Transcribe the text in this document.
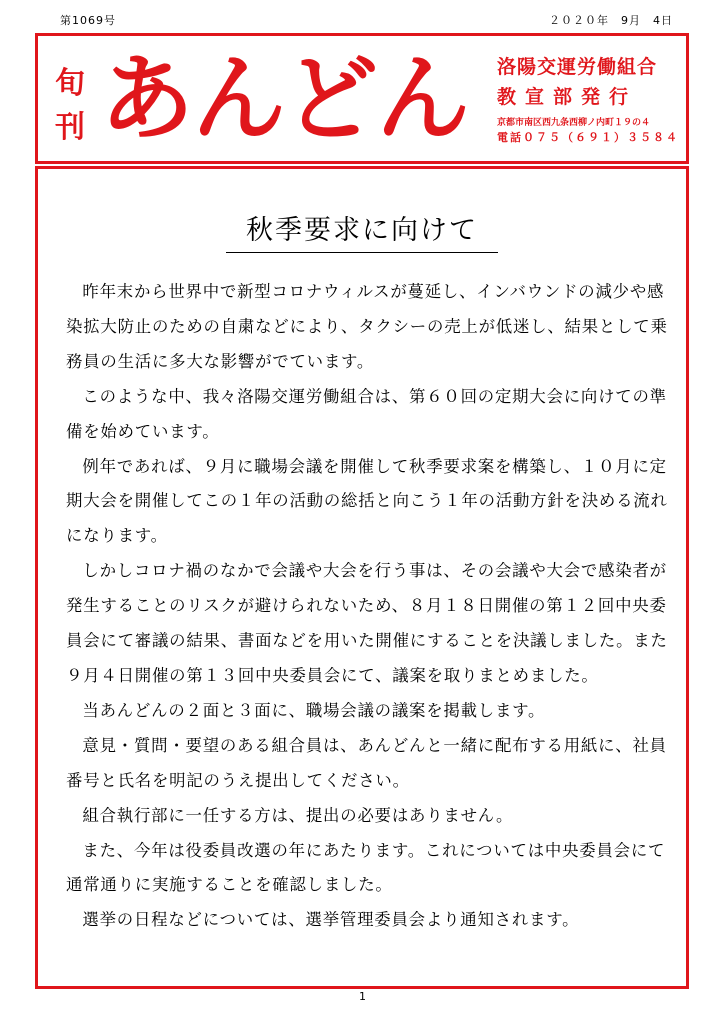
第1069号	２０２０年　9月　4日
旬刊 あんどん	洛陽交運労働組合
教宣部発行
京都市南区西九条西柳ノ内町１９の４
電話０７５（６９１）３５８４
秋季要求に向けて

昨年末から世界中で新型コロナウィルスが蔓延し、インバウンドの減少や感染拡大防止のための自粛などにより、タクシーの売上が低迷し、結果として乗務員の生活に多大な影響がでています。

このような中、我々洛陽交運労働組合は、第６０回の定期大会に向けての準備を始めています。

例年であれば、９月に職場会議を開催して秋季要求案を構築し、１０月に定期大会を開催してこの１年の活動の総括と向こう１年の活動方針を決める流れになります。

しかしコロナ禍のなかで会議や大会を行う事は、その会議や大会で感染者が発生することのリスクが避けられないため、８月１８日開催の第１２回中央委員会にて審議の結果、書面などを用いた開催にすることを決議しました。また９月４日開催の第１３回中央委員会にて、議案を取りまとめました。

当あんどんの２面と３面に、職場会議の議案を掲載します。

意見・質問・要望のある組合員は、あんどんと一緒に配布する用紙に、社員番号と氏名を明記のうえ提出してください。

組合執行部に一任する方は、提出の必要はありません。

また、今年は役委員改選の年にあたります。これについては中央委員会にて通常通りに実施することを確認しました。

選挙の日程などについては、選挙管理委員会より通知されます。

1
